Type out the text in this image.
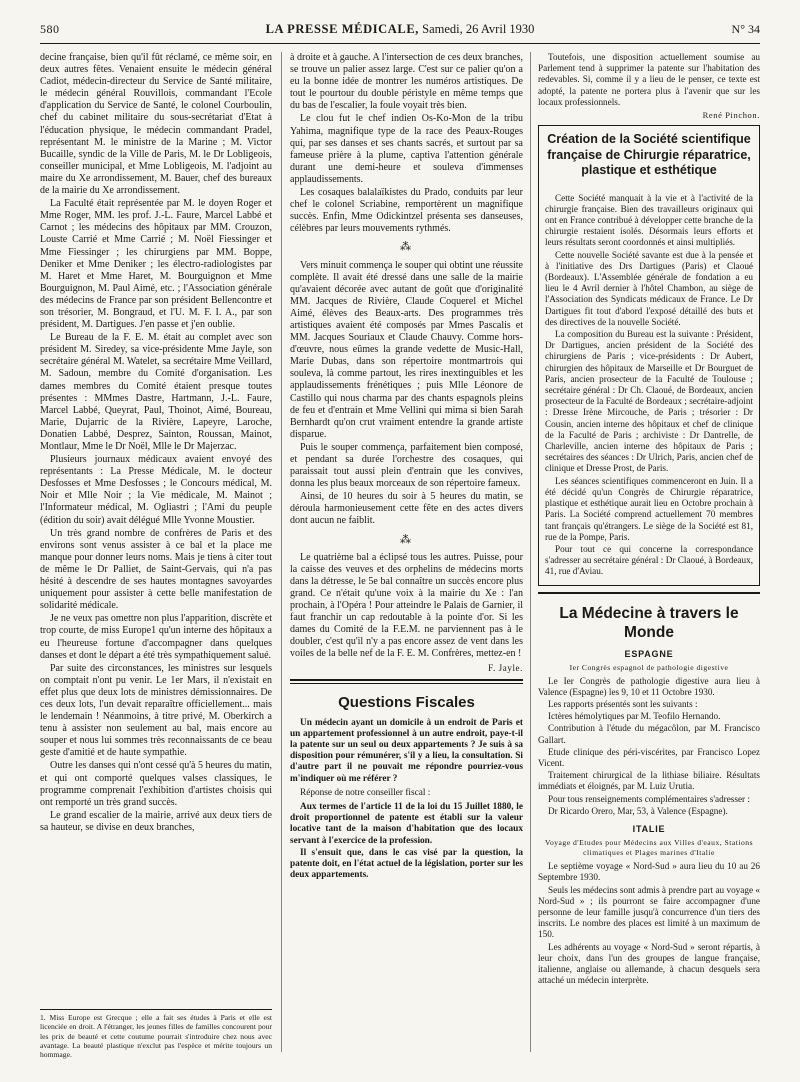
580	LA PRESSE MÉDICALE, Samedi, 26 Avril 1930	N° 34

decine française, bien qu'il fût réclamé, ce même soir, en deux autres fêtes. Venaient ensuite le médecin général Cadiot, médecin-directeur du Service de Santé militaire, le médecin général Rouvillois, commandant l'Ecole d'application du Service de Santé, le colonel Courboulin, chef du cabinet militaire du sous-secrétariat d'Etat à l'éducation physique, le médecin commandant Pradel, représentant M. le ministre de la Marine ; M. Victor Bucaille, syndic de la Ville de Paris, M. le Dr Lobligeois, conseiller municipal, et Mme Lobligeois, M. l'adjoint au maire du Xe arrondissement, M. Bauer, chef des bureaux de la mairie du Xe arrondissement.

La Faculté était représentée par M. le doyen Roger et Mme Roger, MM. les prof. J.-L. Faure, Marcel Labbé et Carnot ; les médecins des hôpitaux par MM. Crouzon, Louste Carrié et Mme Carrié ; M. Noël Fiessinger et Mme Fiessinger ; les chirurgiens par MM. Boppe, Deniker et Mme Deniker ; les électro-radiologistes par M. Haret et Mme Haret, M. Bourguignon et Mme Bourguignon, M. Paul Aimé, etc. ; l'Association générale des médecins de France par son président Bellencontre et son trésorier, M. Bongraud, et l'U. M. F. I. A., par son président, M. Dartigues. J'en passe et j'en oublie.

Le Bureau de la F. E. M. était au complet avec son président M. Siredey, sa vice-présidente Mme Jayle, son secrétaire général M. Watelet, sa secrétaire Mme Veillard, M. Sadoun, membre du Comité d'organisation. Les dames membres du Comité étaient presque toutes présentes : MMmes Dastre, Hartmann, J.-L. Faure, Marcel Labbé, Queyrat, Paul, Thoinot, Aimé, Boureau, Marie, Dujarric de la Rivière, Lapeyre, Laroche, Donatien Labbé, Desprez, Sainton, Roussan, Mainot, Montlaur, Mme le Dr Noël, Mlle le Dr Majerzac.

Plusieurs journaux médicaux avaient envoyé des représentants : La Presse Médicale, M. le docteur Desfosses et Mme Desfosses ; le Concours médical, M. Noir et Mlle Noir ; la Vie médicale, M. Mainot ; l'Informateur médical, M. Ogliastri ; l'Ami du peuple (édition du soir) avait délégué Mlle Yvonne Moustier.

Un très grand nombre de confrères de Paris et des environs sont venus assister à ce bal et la place me manque pour donner leurs noms. Mais je tiens à citer tout de même le Dr Palliet, de Saint-Gervais, qui n'a pas hésité à descendre de ses hautes montagnes savoyardes uniquement pour assister à cette belle manifestation de solidarité médicale.

Je ne veux pas omettre non plus l'apparition, discrète et trop courte, de miss Europe1 qu'un interne des hôpitaux a eu l'heureuse fortune d'accompagner dans quelques danses et dont le départ a été très sympathiquement salué.

Par suite des circonstances, les ministres sur lesquels on comptait n'ont pu venir. Le 1er Mars, il n'existait en effet plus que deux lots de ministres démissionnaires. De ces deux lots, l'un devait reparaître officiellement... mais le lendemain ! Néanmoins, à titre privé, M. Oberkirch a tenu à assister non seulement au bal, mais encore au souper et nous lui sommes très reconnaissants de ce beau geste d'amitié et de haute sympathie.

Outre les danses qui n'ont cessé qu'à 5 heures du matin, et qui ont comporté quelques valses classiques, le programme comprenait l'exhibition d'artistes choisis qui ont remporté un très grand succès.

Le grand escalier de la mairie, arrivé aux deux tiers de sa hauteur, se divise en deux branches,

1. Miss Europe est Grecque ; elle a fait ses études à Paris et elle est licenciée en droit. A l'étranger, les jeunes filles de familles concourent pour les prix de beauté et cette coutume pourrait s'introduire chez nous avec avantage. La beauté plastique n'exclut pas l'espèce et mérite toujours un hommage.

à droite et à gauche. A l'intersection de ces deux branches, se trouve un palier assez large. C'est sur ce palier qu'on a eu la bonne idée de montrer les numéros artistiques. De tout le pourtour du double péristyle en même temps que du bas de l'escalier, la foule voyait très bien.

Le clou fut le chef indien Os-Ko-Mon de la tribu Yahima, magnifique type de la race des Peaux-Rouges qui, par ses danses et ses chants sacrés, et surtout par sa fameuse prière à la plume, captiva l'attention générale durant une demi-heure et souleva d'immenses applaudissements.

Les cosaques balalaïkistes du Prado, conduits par leur chef le colonel Scriabine, remportèrent un magnifique succès. Enfin, Mme Odickintzel présenta ses danseuses, célèbres par leurs mouvements rythmés.

⁂

Vers minuit commença le souper qui obtint une réussite complète. Il avait été dressé dans une salle de la mairie qu'avaient décorée avec autant de goût que d'originalité MM. Jacques de Rivière, Claude Coquerel et Michel Aimé, élèves des Beaux-arts. Des programmes très artistiques avaient été composés par Mmes Pascalis et MM. Jacques Souriaux et Claude Chauvy. Comme hors-d'œuvre, nous eûmes la grande vedette de Music-Hall, Marie Dubas, dans son répertoire montmartrois qui souleva, là comme partout, les rires inextinguibles et les applaudissements frénétiques ; puis Mlle Léonore de Castillo qui nous charma par des chants espagnols pleins de feu et d'entrain et Mme Vellini qui mima si bien Sarah Bernhardt qu'on crut vraiment entendre la grande artiste disparue.

Puis le souper commença, parfaitement bien composé, et pendant sa durée l'orchestre des cosaques, qui paraissait tout aussi plein d'entrain que les convives, donna les plus beaux morceaux de son répertoire fameux.

Ainsi, de 10 heures du soir à 5 heures du matin, se déroula harmonieusement cette fête en des actes divers dont aucun ne faiblit.

⁂

Le quatrième bal a éclipsé tous les autres. Puisse, pour la caisse des veuves et des orphelins de médecins morts dans la détresse, le 5e bal connaître un succès encore plus grand. Ce n'était qu'une voix à la mairie du Xe : l'an prochain, à l'Opéra ! Pour atteindre le Palais de Garnier, il faut franchir un cap redoutable à la pointe d'or. Si les dames du Comité de la F.E.M. ne parviennent pas à le doubler, c'est qu'il n'y a pas encore assez de vent dans les voiles de la belle nef de la F. E. M. Confrères, mettez-en !

F. Jayle.
Questions Fiscales

Un médecin ayant un domicile à un endroit de Paris et un appartement professionnel à un autre endroit, paye-t-il la patente sur un seul ou deux appartements ? Je suis à sa disposition pour rémunérer, s'il y a lieu, la consultation. Si d'autre part il ne pouvait me répondre pourriez-vous m'indiquer où me référer ?

Réponse de notre conseiller fiscal :

Aux termes de l'article 11 de la loi du 15 Juillet 1880, le droit proportionnel de patente est établi sur la valeur locative tant de la maison d'habitation que des locaux servant à l'exercice de la profession.

Il s'ensuit que, dans le cas visé par la question, la patente doit, en l'état actuel de la législation, porter sur les deux appartements.

Toutefois, une disposition actuellement soumise au Parlement tend à supprimer la patente sur l'habitation des redevables. Si, comme il y a lieu de le penser, ce texte est adopté, la patente ne portera plus à l'avenir que sur les locaux professionnels.

René Pinchon.
Création de la Société scientifique française de Chirurgie réparatrice, plastique et esthétique

Cette Société manquait à la vie et à l'activité de la chirurgie française. Bien des travailleurs originaux qui ont en France contribué à développer cette branche de la chirurgie restaient isolés. Désormais leurs efforts et leurs résultats seront coordonnés et ainsi multipliés.

Cette nouvelle Société savante est due à la pensée et à l'initiative des Drs Dartigues (Paris) et Claoué (Bordeaux). L'Assemblée générale de fondation a eu lieu le 4 Avril dernier à l'hôtel Chambon, au siège de l'Association des Syndicats médicaux de France. Le Dr Dartigues fit tout d'abord l'exposé détaillé des buts et des directives de la nouvelle Société.

La composition du Bureau est la suivante : Président, Dr Dartigues, ancien président de la Société des chirurgiens de Paris ; vice-présidents : Dr Aubert, chirurgien des hôpitaux de Marseille et Dr Bourguet de Paris, ancien prosecteur de la Faculté de Toulouse ; secrétaire général : Dr Ch. Claoué, de Bordeaux, ancien prosecteur de la Faculté de Bordeaux ; secrétaire-adjoint : Dresse Irène Mircouche, de Paris ; trésorier : Dr Cousin, ancien interne des hôpitaux et chef de clinique de la Faculté de Paris ; archiviste : Dr Dantrelle, de Charleville, ancien interne des hôpitaux de Paris ; secrétaires des séances : Dr Ulrich, Paris, ancien chef de clinique et Dresse Prost, de Paris.

Les séances scientifiques commenceront en Juin. Il a été décidé qu'un Congrès de Chirurgie réparatrice, plastique et esthétique aurait lieu en Octobre prochain à Paris. La Société comprend actuellement 70 membres tant français qu'étrangers. Le siège de la Société est 81, rue de la Pompe, Paris.

Pour tout ce qui concerne la correspondance s'adresser au secrétaire général : Dr Claoué, à Bordeaux, 41, rue d'Aviau.

La Médecine à travers le Monde
ESPAGNE
Ier Congrès espagnol de pathologie digestive

Le Ier Congrès de pathologie digestive aura lieu à Valence (Espagne) les 9, 10 et 11 Octobre 1930.

Les rapports présentés sont les suivants :

Ictères hémolytiques par M. Teofilo Hernando.

Contribution à l'étude du mégacôlon, par M. Francisco Gallart.

Etude clinique des péri-viscérites, par Francisco Lopez Vicent.

Traitement chirurgical de la lithiase biliaire. Résultats immédiats et éloignés, par M. Luiz Urutia.

Pour tous renseignements complémentaires s'adresser :

Dr Ricardo Orero, Mar, 53, à Valence (Espagne).

ITALIE
Voyage d'Etudes pour Médecins aux Villes d'eaux, Stations climatiques et Plages marines d'Italie

Le septième voyage « Nord-Sud » aura lieu du 10 au 26 Septembre 1930.

Seuls les médecins sont admis à prendre part au voyage « Nord-Sud » ; ils pourront se faire accompagner d'une personne de leur famille jusqu'à concurrence d'un tiers des inscrits. Le nombre des places est limité à un maximum de 150.

Les adhérents au voyage « Nord-Sud » seront répartis, à leur choix, dans l'un des groupes de langue française, italienne, anglaise ou allemande, à chacun desquels sera attaché un médecin interprète.
